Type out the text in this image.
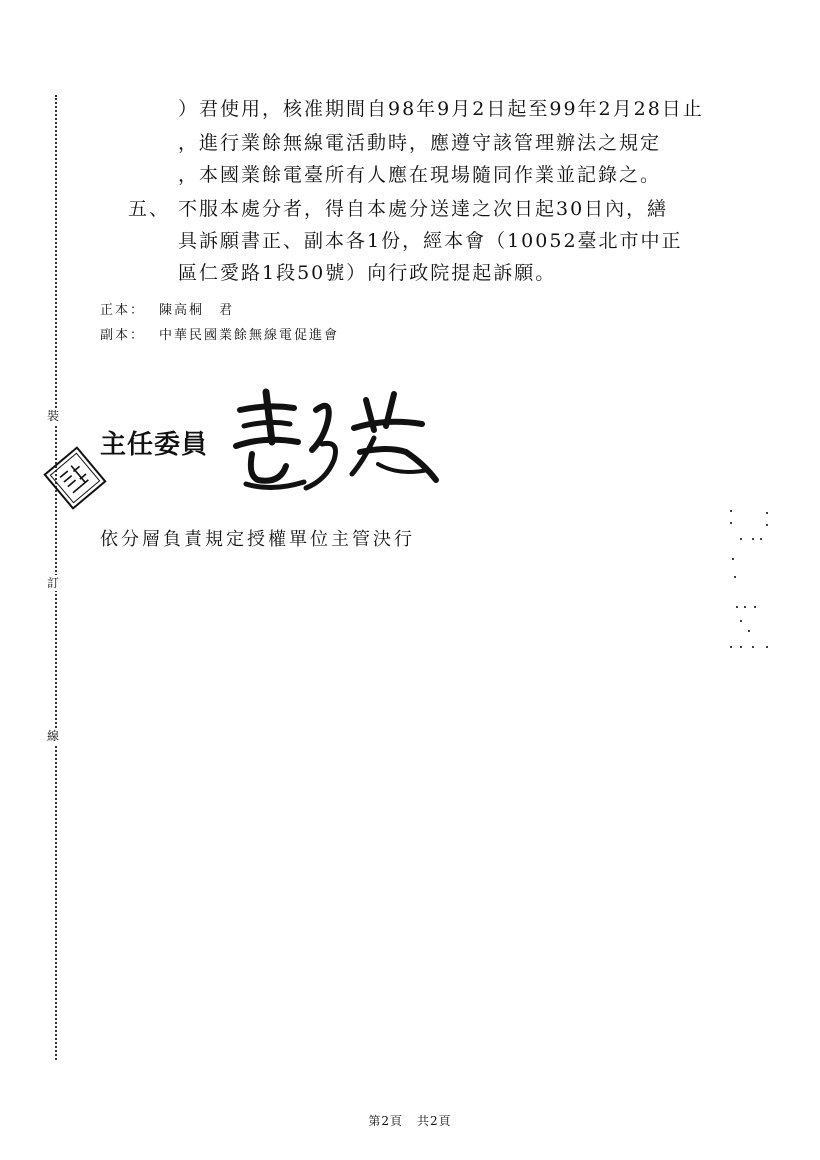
裝
訂
線
）君使用，核准期間自98年9月2日起至99年2月28日止
，進行業餘無線電活動時，應遵守該管理辦法之規定
，本國業餘電臺所有人應在現場隨同作業並記錄之。
五、 不服本處分者，得自本處分送達之次日起30日內，繕
具訴願書正、副本各1份，經本會（10052臺北市中正
區仁愛路1段50號）向行政院提起訴願。
正本： 陳高桐　君
副本： 中華民國業餘無線電促進會
主任委員
依分層負責規定授權單位主管決行
第2頁 共2頁
